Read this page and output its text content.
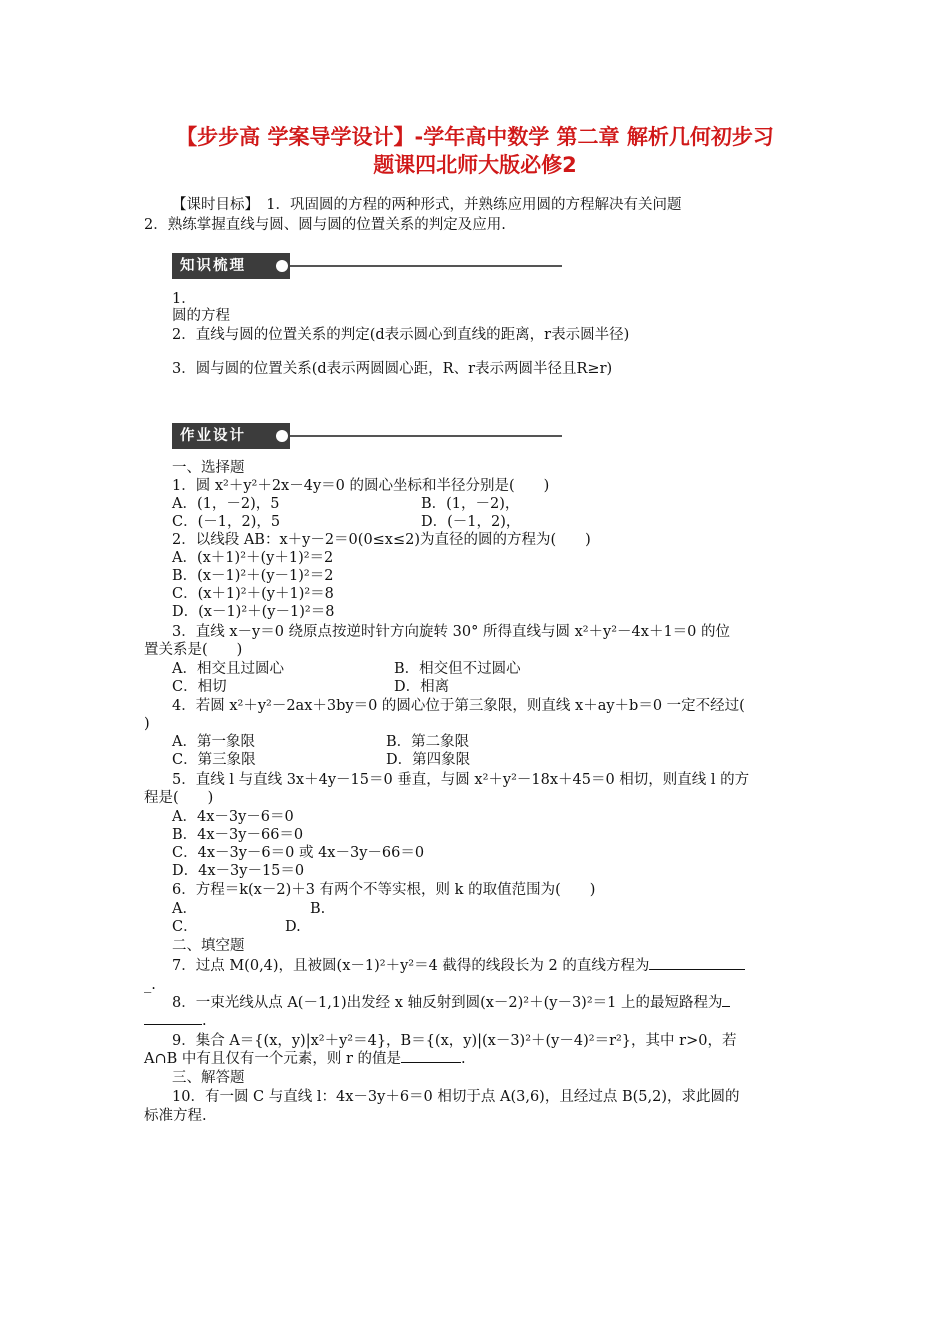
【步步高 学案导学设计】-学年高中数学 第二章 解析几何初步习
题课四北师大版必修2
【课时目标】　1．巩固圆的方程的两种形式，并熟练应用圆的方程解决有关问题
2．熟练掌握直线与圆、圆与圆的位置关系的判定及应用.
知识梳理
1．
圆的方程
2．直线与圆的位置关系的判定(d表示圆心到直线的距离，r表示圆半径)
3．圆与圆的位置关系(d表示两圆圆心距，R、r表示两圆半径且R≥r)
作业设计
一、选择题
1．圆 x²＋y²＋2x－4y＝0 的圆心坐标和半径分别是(　　)
A．(1，－2)，5	B．(1，－2)，
C．(－1，2)，5	D．(－1，2)，
2．以线段 AB：x＋y－2＝0(0≤x≤2)为直径的圆的方程为(　　)
A．(x＋1)²＋(y＋1)²＝2
B．(x－1)²＋(y－1)²＝2
C．(x＋1)²＋(y＋1)²＝8
D．(x－1)²＋(y－1)²＝8
3．直线 x－y＝0 绕原点按逆时针方向旋转 30° 所得直线与圆 x²＋y²－4x＋1＝0 的位
置关系是(　　)
A．相交且过圆心	B．相交但不过圆心
C．相切	D．相离
4．若圆 x²＋y²－2ax＋3by＝0 的圆心位于第三象限，则直线 x＋ay＋b＝0 一定不经过(
)
A．第一象限	B．第二象限
C．第三象限	D．第四象限
5．直线 l 与直线 3x＋4y－15＝0 垂直，与圆 x²＋y²－18x＋45＝0 相切，则直线 l 的方
程是(　　)
A．4x－3y－6＝0
B．4x－3y－66＝0
C．4x－3y－6＝0 或 4x－3y－66＝0
D．4x－3y－15＝0
6．方程＝k(x－2)＋3 有两个不等实根，则 k 的取值范围为(　　)
A．	B.
C．	D.
二、填空题
7．过点 M(0,4)，且被圆(x－1)²＋y²＝4 截得的线段长为 2 的直线方程为
_.
8．一束光线从点 A(－1,1)出发经 x 轴反射到圆(x－2)²＋(y－3)²＝1 上的最短路程为
.
9．集合 A＝{(x，y)|x²＋y²＝4}，B＝{(x，y)|(x－3)²＋(y－4)²＝r²}，其中 r>0，若
A∩B 中有且仅有一个元素，则 r 的值是	.
三、解答题
10．有一圆 C 与直线 l：4x－3y＋6＝0 相切于点 A(3,6)，且经过点 B(5,2)，求此圆的
标准方程.
